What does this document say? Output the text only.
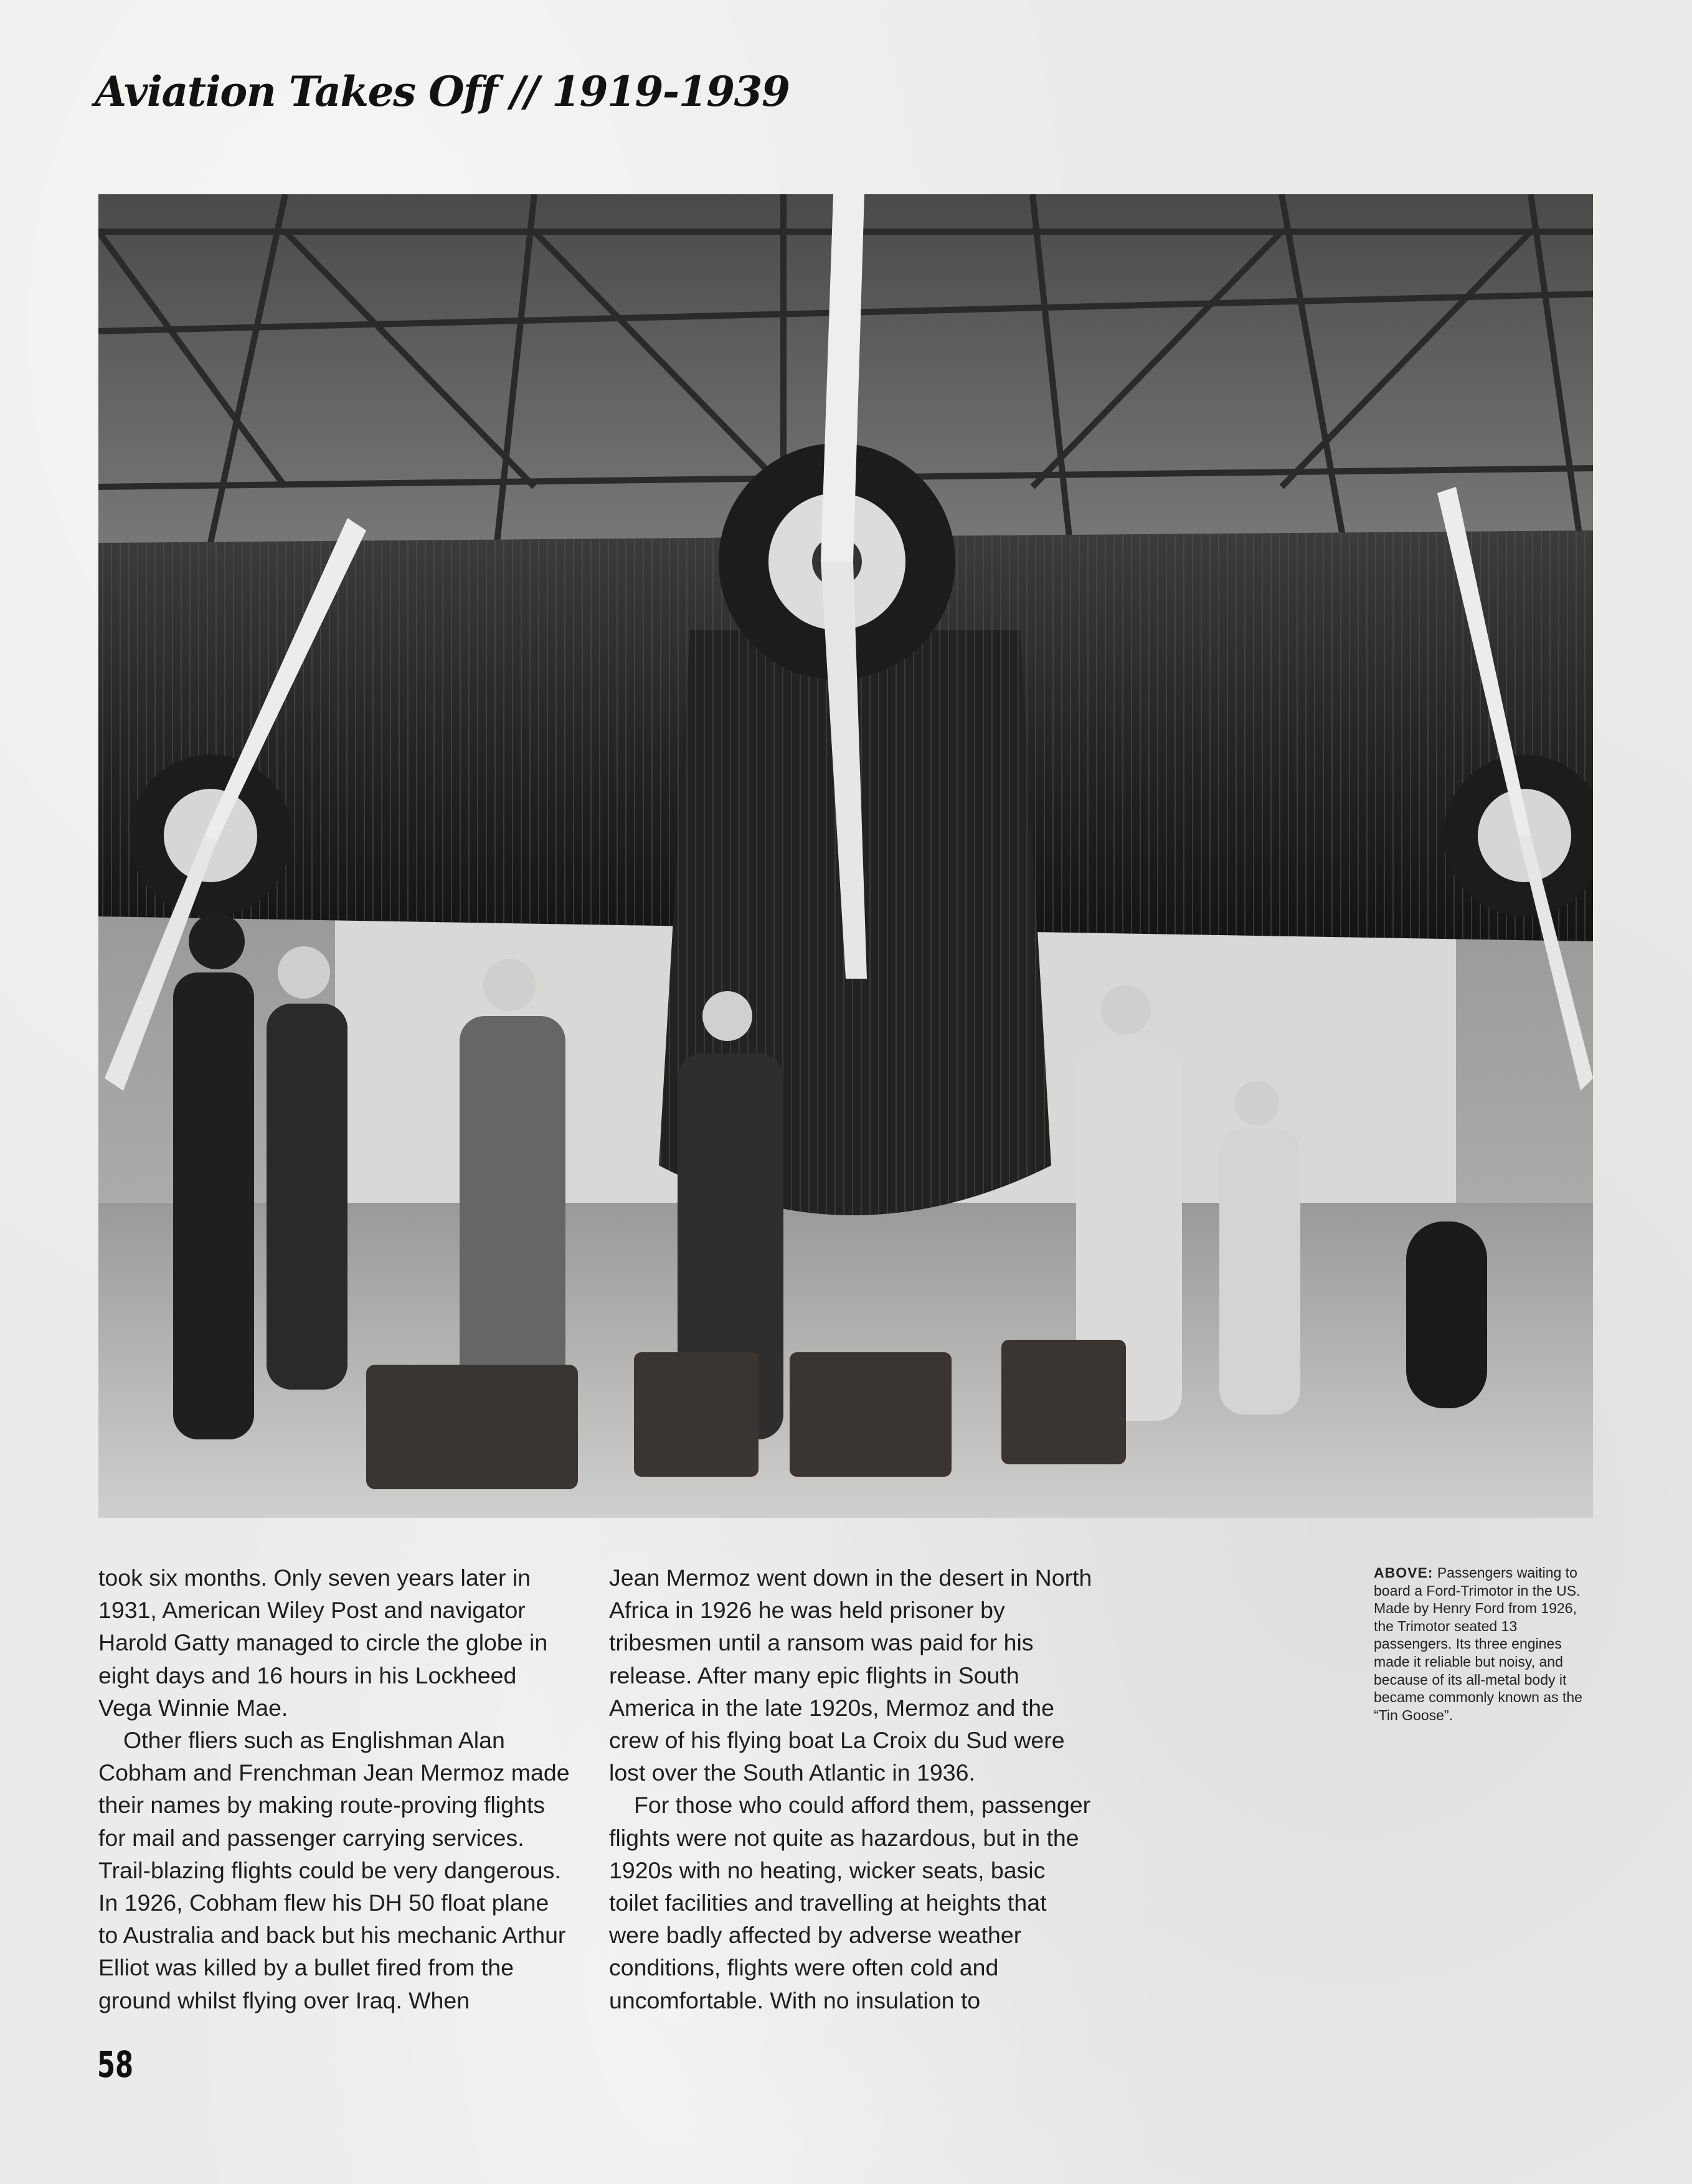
Aviation Takes Off // 1919-1939

took six months. Only seven years later in 1931, American Wiley Post and navigator Harold Gatty managed to circle the globe in eight days and 16 hours in his Lockheed Vega Winnie Mae.

Other fliers such as Englishman Alan Cobham and Frenchman Jean Mermoz made their names by making route-proving flights for mail and passenger carrying services. Trail-blazing flights could be very dangerous. In 1926, Cobham flew his DH 50 float plane to Australia and back but his mechanic Arthur Elliot was killed by a bullet fired from the ground whilst flying over Iraq. When

Jean Mermoz went down in the desert in North Africa in 1926 he was held prisoner by tribesmen until a ransom was paid for his release. After many epic flights in South America in the late 1920s, Mermoz and the crew of his flying boat La Croix du Sud were lost over the South Atlantic in 1936.

For those who could afford them, passenger flights were not quite as hazardous, but in the 1920s with no heating, wicker seats, basic toilet facilities and travelling at heights that were badly affected by adverse weather conditions, flights were often cold and uncomfortable. With no insulation to

ABOVE: Passengers waiting to board a Ford-Trimotor in the US. Made by Henry Ford from 1926, the Trimotor seated 13 passengers. Its three engines made it reliable but noisy, and because of its all-metal body it became commonly known as the “Tin Goose”.
58
